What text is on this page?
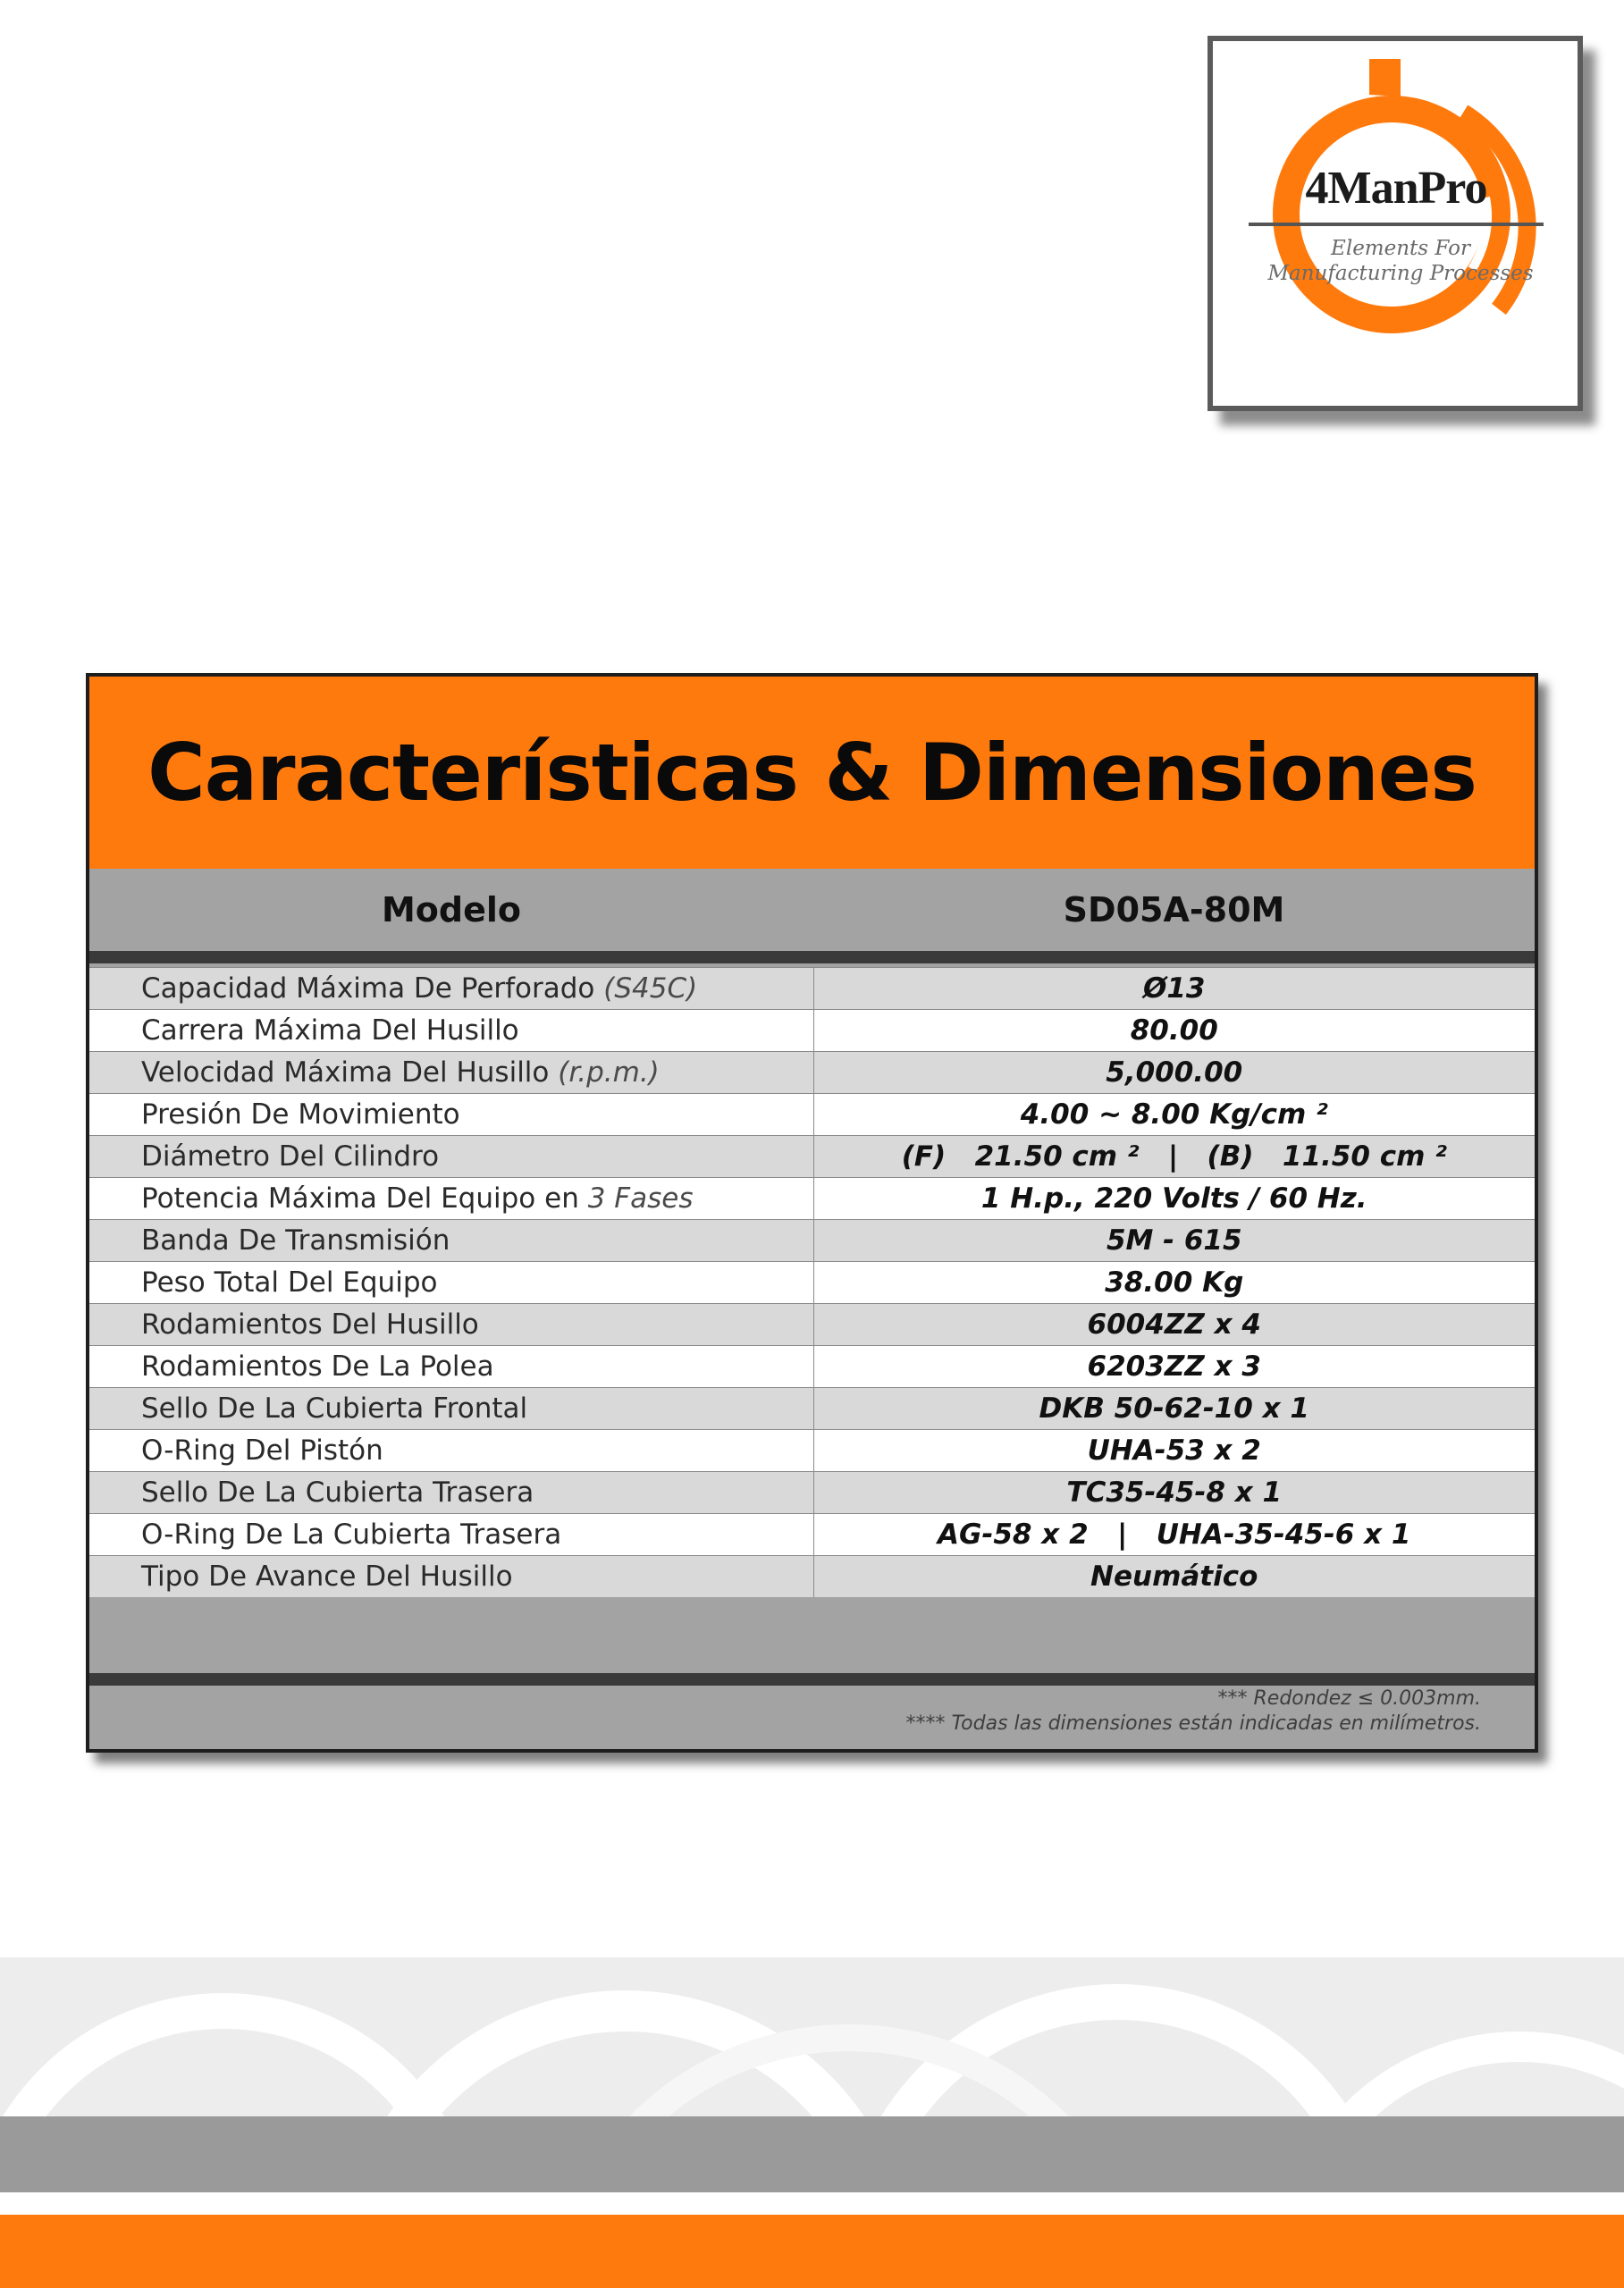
4ManPro
Elements For
Manufacturing Processes
Características & Dimensiones
Modelo	SD05A-80M
Capacidad Máxima De Perforado (S45C)	Ø13
Carrera Máxima Del Husillo	80.00
Velocidad Máxima Del Husillo (r.p.m.)	5,000.00
Presión De Movimiento	4.00 ~ 8.00 Kg/cm ²
Diámetro Del Cilindro	(F)   21.50 cm ²   |   (B)   11.50 cm ²
Potencia Máxima Del Equipo en 3 Fases	1 H.p., 220 Volts / 60 Hz.
Banda De Transmisión	5M - 615
Peso Total Del Equipo	38.00 Kg
Rodamientos Del Husillo	6004ZZ x 4
Rodamientos De La Polea	6203ZZ x 3
Sello De La Cubierta Frontal	DKB 50-62-10 x 1
O-Ring Del Pistón	UHA-53 x 2
Sello De La Cubierta Trasera	TC35-45-8 x 1
O-Ring De La Cubierta Trasera	AG-58 x 2   |   UHA-35-45-6 x 1
Tipo De Avance Del Husillo	Neumático
*** Redondez ≤ 0.003mm.
**** Todas las dimensiones están indicadas en milímetros.
